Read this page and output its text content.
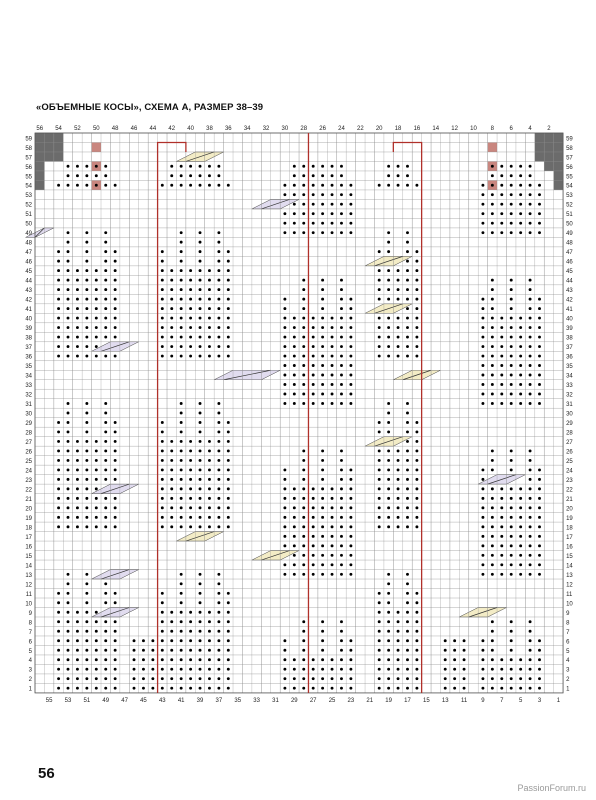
«ОБЪЕМНЫЕ КОСЫ», СХЕМА А, РАЗМЕР 38–39
56 54 52 50 48 46 44 42 40 38 36 34 32 30 28 26 24 22 20 18 16 14 12 10 8	6	4	2
55 53 51 49 47 45 43 41 39 37 35 33 31 29 27 25 23 21 19 17 15 13 11 9	7	5	3	1
59
58
57
56
55
54
53
52
51
50
49
48
47
46
45
44
43
42
41
40
39
38
37
36
35
34
33
32
31
30
29
28
27
26
25
24
23
22
21
20
19
18
17
16
15
14
13
12
11
10
9
8
7
6
5
4
3
2
1
59
58
57
56
55
54
53
52
51
50
49
48
47
46
45
44
43
42
41
40
39
38
37
36
35
34
33
32
31
30
29
28
27
26
25
24
23
22
21
20
19
18
17
16
15
14
13
12
11
10
9
8
7
6
5
4
3
2
1
56
PassionForum.ru
